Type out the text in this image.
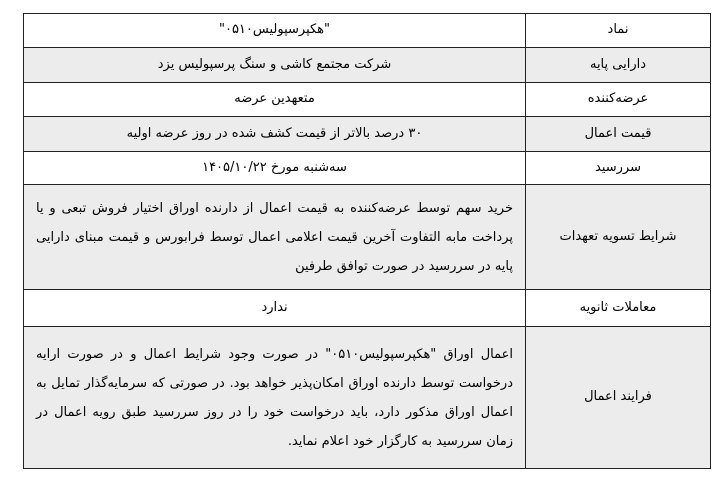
نماد	"هکپرسپولیس۰۵۱۰"
دارایی پایه	شرکت مجتمع کاشی و سنگ پرسپولیس یزد
عرضه‌کننده	متعهدین عرضه
قیمت اعمال	۳۰ درصد بالاتر از قیمت کشف شده در روز عرضه اولیه
سررسید	سه‌شنبه مورخ ۱۴۰۵/۱۰/۲۲
شرایط تسویه تعهدات	خرید سهم توسط عرضه‌کننده به قیمت اعمال از دارنده اوراق اختیار فروش تبعی و یا پرداخت مابه التفاوت آخرین قیمت اعلامی اعمال توسط فرابورس و قیمت مبنای دارایی پایه در سررسید در صورت توافق طرفین
معاملات ثانویه	ندارد
فرایند اعمال	اعمال اوراق "هکپرسپولیس۰۵۱۰" در صورت وجود شرایط اعمال و در صورت ارایه درخواست توسط دارنده اوراق امکان‌پذیر خواهد بود. در صورتی که سرمایه‌گذار تمایل به اعمال اوراق مذکور دارد، باید درخواست خود را در روز سررسید طبق رویه اعمال در زمان سررسید به کارگزار خود اعلام نماید.
